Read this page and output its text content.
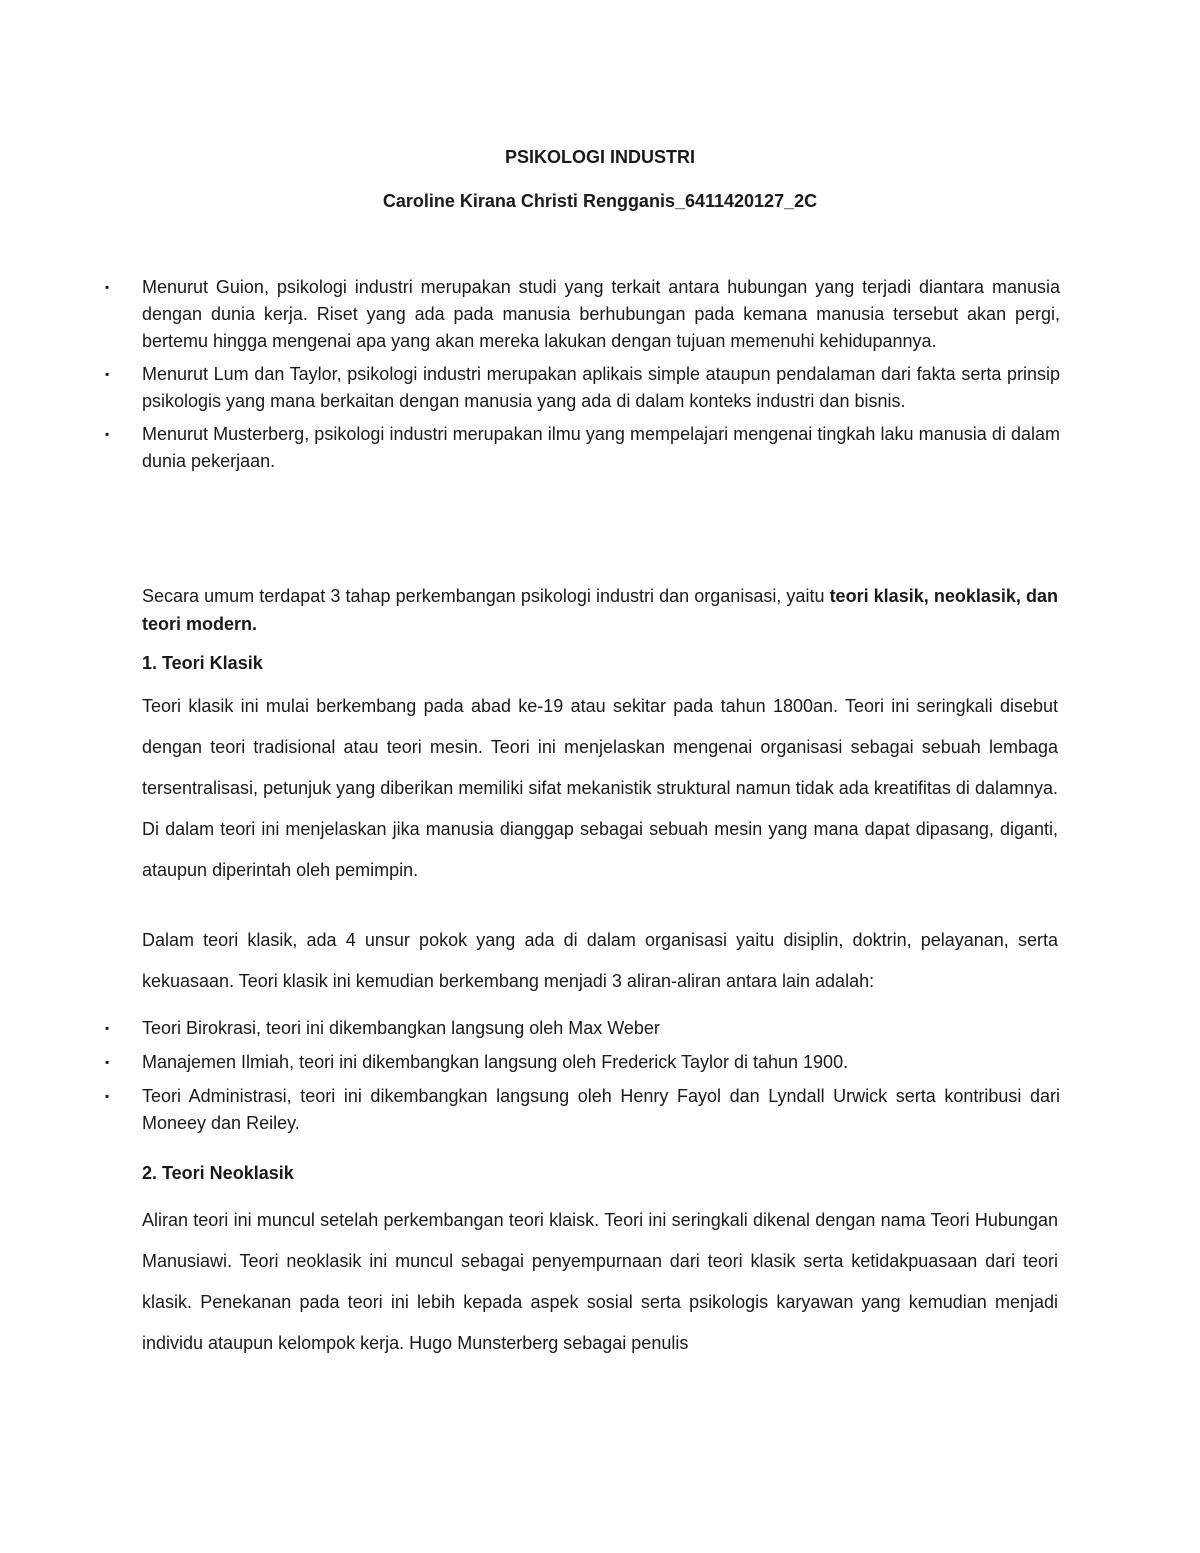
PSIKOLOGI INDUSTRI
Caroline Kirana Christi Rengganis_6411420127_2C
▪ Menurut Guion, psikologi industri merupakan studi yang terkait antara hubungan yang terjadi diantara manusia dengan dunia kerja. Riset yang ada pada manusia berhubungan pada kemana manusia tersebut akan pergi, bertemu hingga mengenai apa yang akan mereka lakukan dengan tujuan memenuhi kehidupannya.
▪ Menurut Lum dan Taylor, psikologi industri merupakan aplikais simple ataupun pendalaman dari fakta serta prinsip psikologis yang mana berkaitan dengan manusia yang ada di dalam konteks industri dan bisnis.
▪ Menurut Musterberg, psikologi industri merupakan ilmu yang mempelajari mengenai tingkah laku manusia di dalam dunia pekerjaan.

Secara umum terdapat 3 tahap perkembangan psikologi industri dan organisasi, yaitu teori klasik, neoklasik, dan teori modern.

1. Teori Klasik

Teori klasik ini mulai berkembang pada abad ke-19 atau sekitar pada tahun 1800an. Teori ini seringkali disebut dengan teori tradisional atau teori mesin. Teori ini menjelaskan mengenai organisasi sebagai sebuah lembaga tersentralisasi, petunjuk yang diberikan memiliki sifat mekanistik struktural namun tidak ada kreatifitas di dalamnya. Di dalam teori ini menjelaskan jika manusia dianggap sebagai sebuah mesin yang mana dapat dipasang, diganti, ataupun diperintah oleh pemimpin.

Dalam teori klasik, ada 4 unsur pokok yang ada di dalam organisasi yaitu disiplin, doktrin, pelayanan, serta kekuasaan. Teori klasik ini kemudian berkembang menjadi 3 aliran-aliran antara lain adalah:

▪ Teori Birokrasi, teori ini dikembangkan langsung oleh Max Weber
▪ Manajemen Ilmiah, teori ini dikembangkan langsung oleh Frederick Taylor di tahun 1900.
▪ Teori Administrasi, teori ini dikembangkan langsung oleh Henry Fayol dan Lyndall Urwick serta kontribusi dari Moneey dan Reiley.
2. Teori Neoklasik

Aliran teori ini muncul setelah perkembangan teori klaisk. Teori ini seringkali dikenal dengan nama Teori Hubungan Manusiawi. Teori neoklasik ini muncul sebagai penyempurnaan dari teori klasik serta ketidakpuasaan dari teori klasik. Penekanan pada teori ini lebih kepada aspek sosial serta psikologis karyawan yang kemudian menjadi individu ataupun kelompok kerja. Hugo Munsterberg sebagai penulis
